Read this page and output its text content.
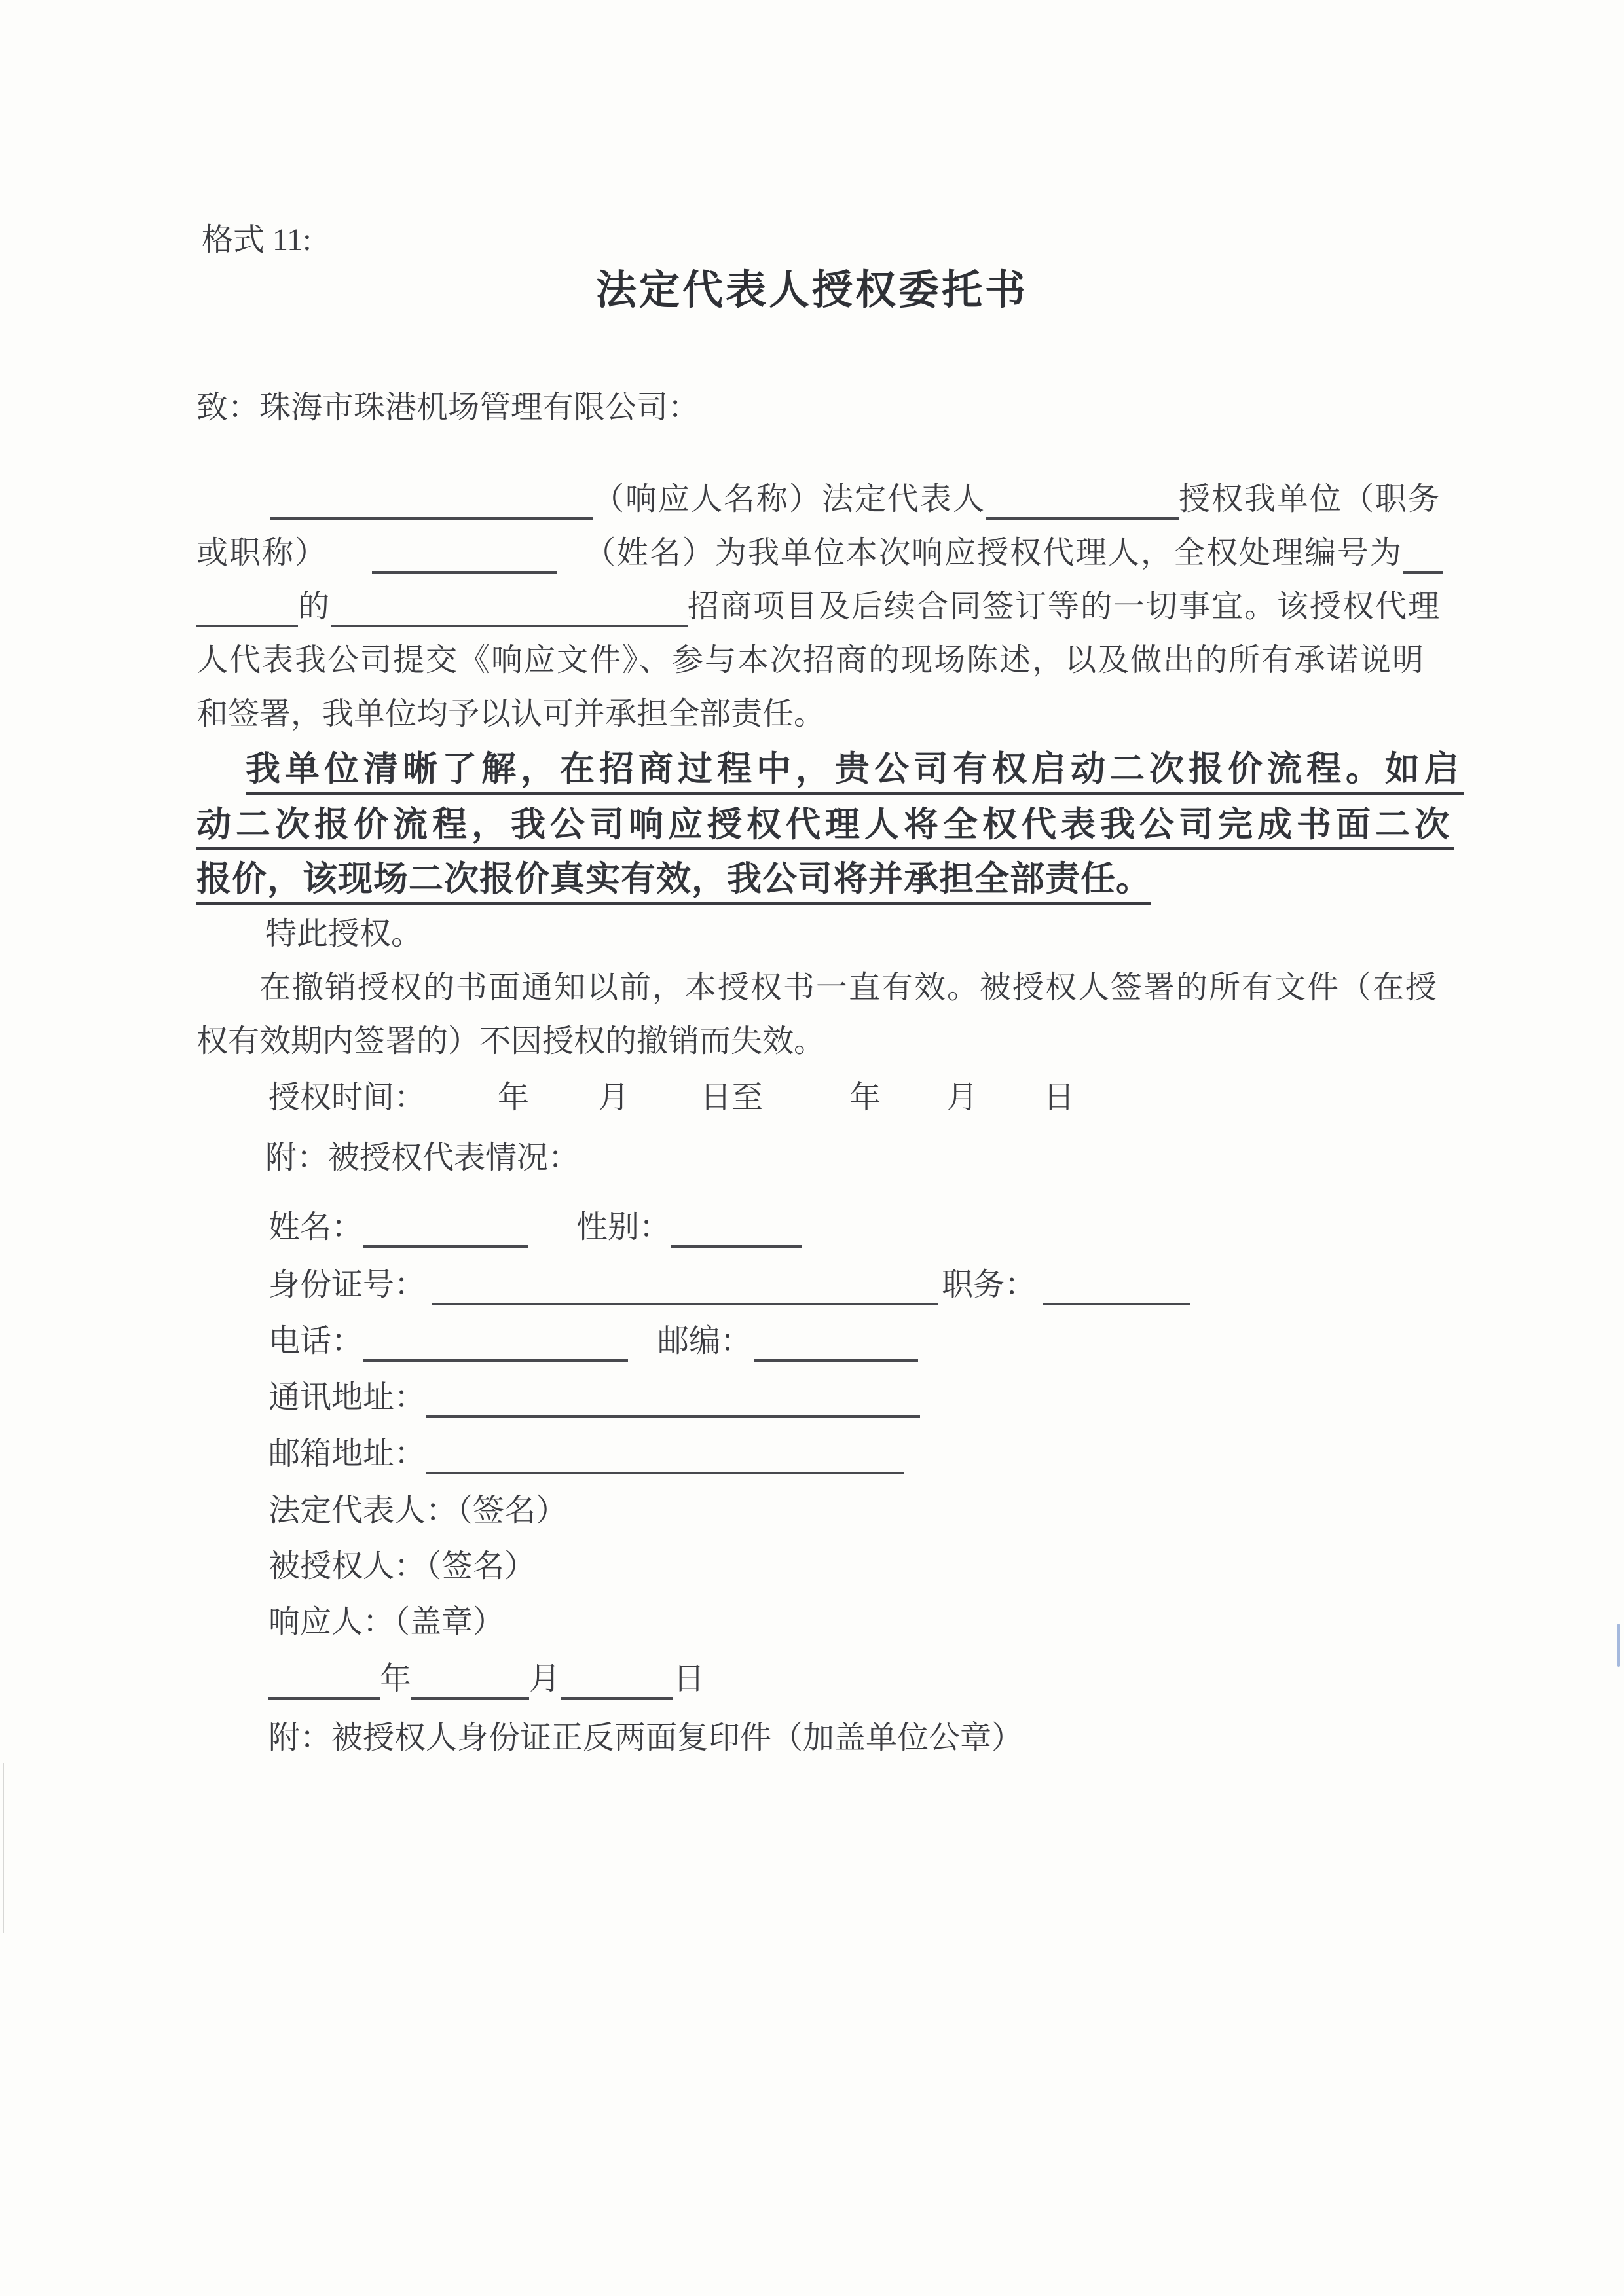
格式 11:

法定代表人授权委托书

致：珠海市珠港机场管理有限公司：

（响应人名称）法定代表人	授权我单位（职务

或职称）	（姓名）为我单位本次响应授权代理人，全权处理编号为

的	招商项目及后续合同签订等的一切事宜。该授权代理

人代表我公司提交《响应文件》、参与本次招商的现场陈述，以及做出的所有承诺说明

和签署，我单位均予以认可并承担全部责任。

我单位清晰了解，在招商过程中，贵公司有权启动二次报价流程。如启

动二次报价流程，我公司响应授权代理人将全权代表我公司完成书面二次

报价，该现场二次报价真实有效，我公司将并承担全部责任。

特此授权。

在撤销授权的书面通知以前，本授权书一直有效。被授权人签署的所有文件（在授

权有效期内签署的）不因授权的撤销而失效。

授权时间： 年 月 日至	年 月 日

附：被授权代表情况：

姓名：	性别：

身份证号：	职务：

电话：	邮编：

通讯地址：

邮箱地址：

法定代表人：（签名）

被授权人：（签名）

响应人：（盖章）

年	月	日

附：被授权人身份证正反两面复印件（加盖单位公章）
